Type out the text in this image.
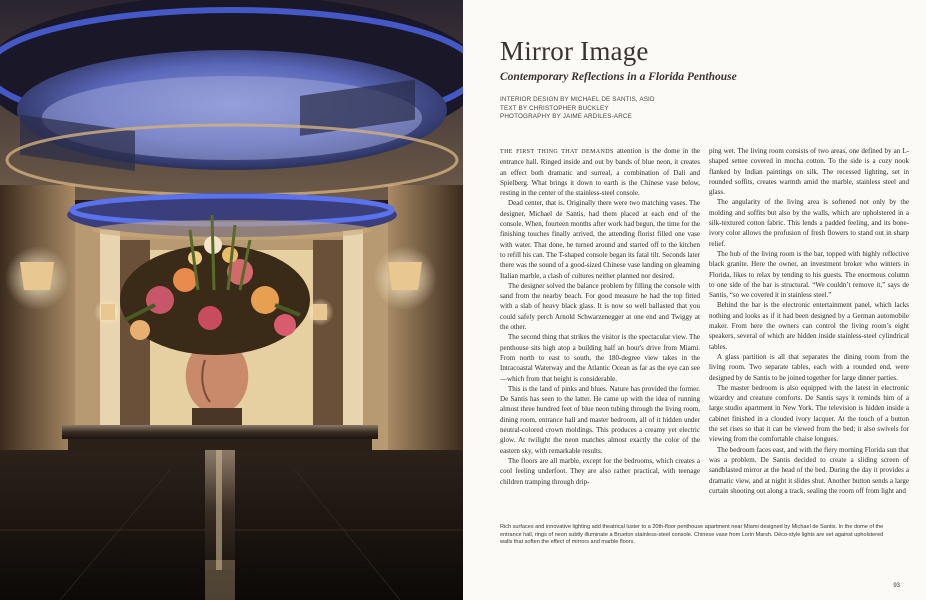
Mirror Image
Contemporary Reflections in a Florida Penthouse
INTERIOR DESIGN BY MICHAEL DE SANTIS, ASID
TEXT BY CHRISTOPHER BUCKLEY
PHOTOGRAPHY BY JAIME ARDILES-ARCE

THE FIRST THING THAT DEMANDS attention is the dome in the entrance hall. Ringed inside and out by bands of blue neon, it creates an effect both dramatic and surreal, a combination of Dali and Spielberg. What brings it down to earth is the Chinese vase below, resting in the center of the stainless-steel console.

Dead center, that is. Originally there were two matching vases. The designer, Michael de Santis, had them placed at each end of the console. When, fourteen months after work had begun, the time for the finishing touches finally arrived, the attending florist filled one vase with water. That done, he turned around and started off to the kitchen to refill his can. The T-shaped console began its fatal tilt. Seconds later there was the sound of a good-sized Chinese vase landing on gleaming Italian marble, a clash of cultures neither planned nor desired.

The designer solved the balance problem by filling the console with sand from the nearby beach. For good measure he had the top fitted with a slab of heavy black glass. It is now so well ballasted that you could safely perch Arnold Schwarzenegger at one end and Twiggy at the other.

The second thing that strikes the visitor is the spectacular view. The penthouse sits high atop a building half an hour's drive from Miami. From north to east to south, the 180-degree view takes in the Intracoastal Waterway and the Atlantic Ocean as far as the eye can see—which from that height is considerable.

This is the land of pinks and blues. Nature has provided the former. De Santis has seen to the latter. He came up with the idea of running almost three hundred feet of blue neon tubing through the living room, dining room, entrance hall and master bedroom, all of it hidden under neutral-colored crown moldings. This produces a creamy yet electric glow. At twilight the neon matches almost exactly the color of the eastern sky, with remarkable results.

The floors are all marble, except for the bedrooms, which creates a cool feeling underfoot. They are also rather practical, with teenage children tramping through drip-

ping wet. The living room consists of two areas, one defined by an L-shaped settee covered in mocha cotton. To the side is a cozy nook flanked by Indian paintings on silk. The recessed lighting, set in rounded soffits, creates warmth amid the marble, stainless steel and glass.

The angularity of the living area is softened not only by the molding and soffits but also by the walls, which are upholstered in a silk-textured cotton fabric. This lends a padded feeling, and its bone-ivory color allows the profusion of fresh flowers to stand out in sharp relief.

The hub of the living room is the bar, topped with highly reflective black granite. Here the owner, an investment broker who winters in Florida, likes to relax by tending to his guests. The enormous column to one side of the bar is structural. “We couldn’t remove it,” says de Santis, “so we covered it in stainless steel.”

Behind the bar is the electronic entertainment panel, which lacks nothing and looks as if it had been designed by a German automobile maker. From here the owners can control the living room’s eight speakers, several of which are hidden inside stainless-steel cylindrical tables.

A glass partition is all that separates the dining room from the living room. Two separate tables, each with a rounded end, were designed by de Santis to be joined together for large dinner parties.

The master bedroom is also equipped with the latest in electronic wizardry and creature comforts. De Santis says it reminds him of a large studio apartment in New York. The television is hidden inside a cabinet finished in a clouded ivory lacquer. At the touch of a button the set rises so that it can be viewed from the bed; it also swivels for viewing from the comfortable chaise longues.

The bedroom faces east, and with the fiery morning Florida sun that was a problem. De Santis decided to create a sliding screen of sandblasted mirror at the head of the bed. During the day it provides a dramatic view, and at night it slides shut. Another button sends a large curtain shooting out along a track, sealing the room off from light and

Rich surfaces and innovative lighting add theatrical luster to a 20th-floor penthouse apartment near Miami designed by Michael de Santis. In the dome of the entrance hall, rings of neon subtly illuminate a Brueton stainless-steel console. Chinese vase from Lorin Marsh. Déco-style lights are set against upholstered walls that soften the effect of mirrors and marble floors.
93
